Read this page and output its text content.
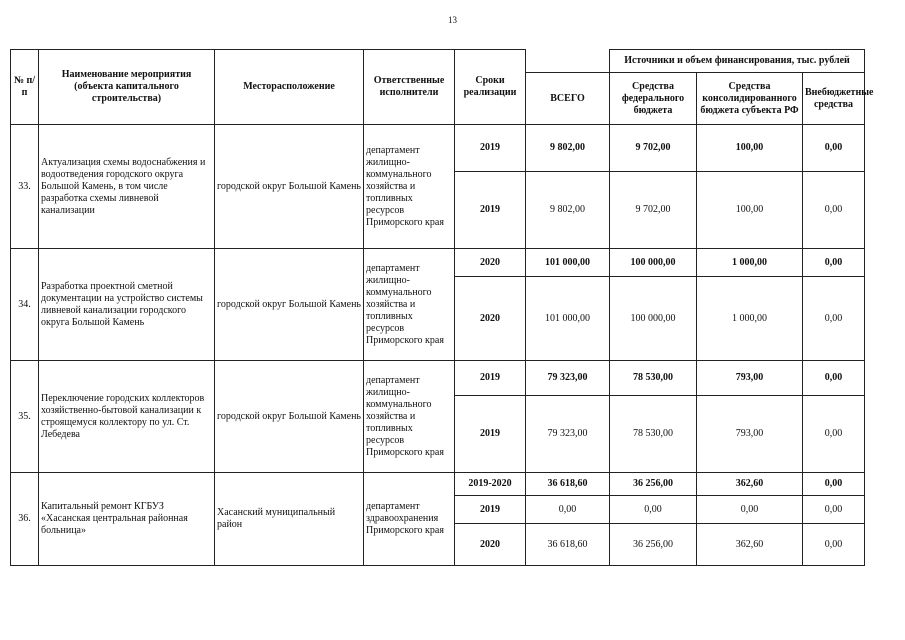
13
№ п/п	Наименование мероприятия (объекта капитального строительства)	Месторасположение	Ответственные исполнители	Сроки реализации		Источники и объем финансирования, тыс. рублей		
					ВСЕГО	Средства федерального бюджета	Средства консолидированного бюджета субъекта РФ	Внебюджетные средства
33.	Актуализация схемы водоснабжения и водоотведения городского округа Большой Камень, в том числе разработка схемы ливневой канализации	городской округ Большой Камень	департамент жилищно-коммунального хозяйства и топливных ресурсов Приморского края	2019	9 802,00	9 702,00	100,00	0,00
				2019	9 802,00	9 702,00	100,00	0,00
34.	Разработка проектной сметной документации на устройство системы ливневой канализации городского округа Большой Камень	городской округ Большой Камень	департамент жилищно-коммунального хозяйства и топливных ресурсов Приморского края	2020	101 000,00	100 000,00	1 000,00	0,00
				2020	101 000,00	100 000,00	1 000,00	0,00
35.	Переключение городских коллекторов хозяйственно-бытовой канализации к строящемуся коллектору по ул. Ст. Лебедева	городской округ Большой Камень	департамент жилищно-коммунального хозяйства и топливных ресурсов Приморского края	2019	79 323,00	78 530,00	793,00	0,00
				2019	79 323,00	78 530,00	793,00	0,00
36.	Капитальный ремонт КГБУЗ «Хасанская центральная районная больница»	Хасанский муниципальный район	департамент здравоохранения Приморского края	2019-2020	36 618,60	36 256,00	362,60	0,00
				2019	0,00	0,00	0,00	0,00
				2020	36 618,60	36 256,00	362,60	0,00
